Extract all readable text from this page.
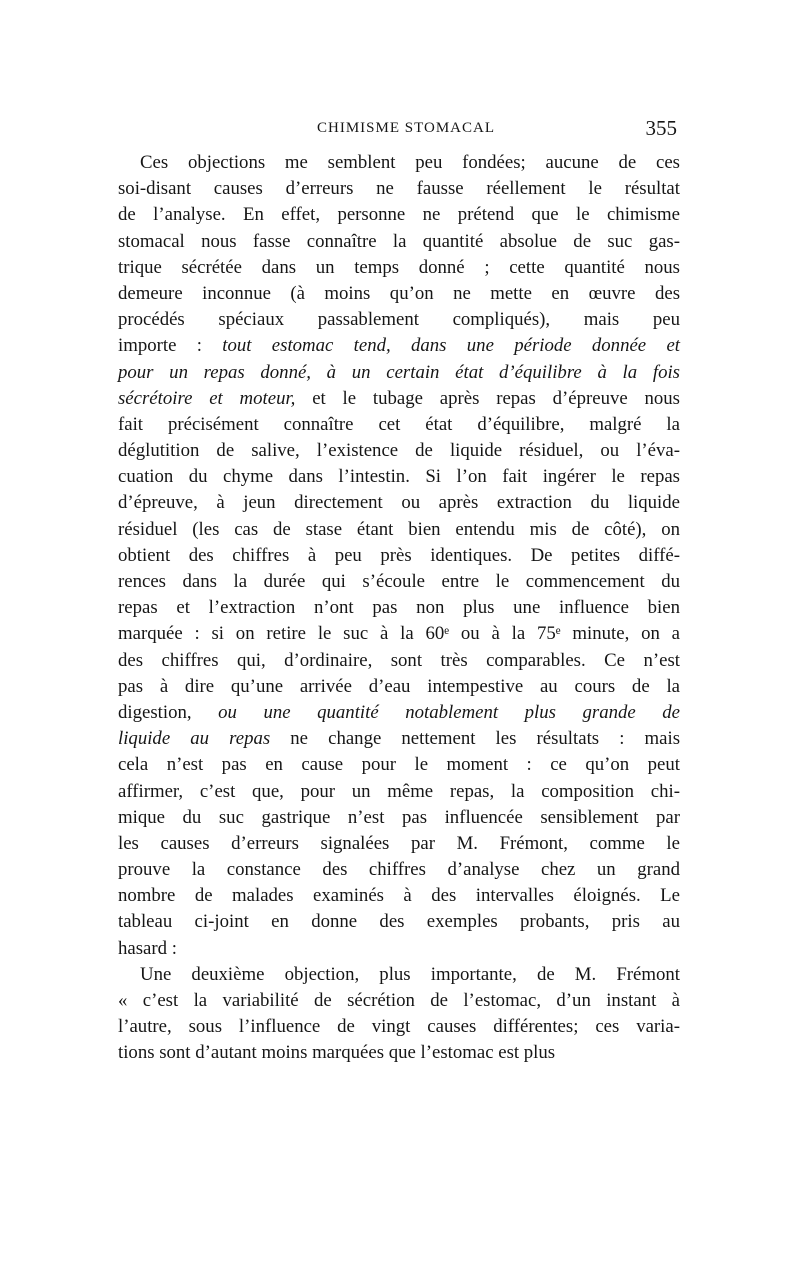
CHIMISME STOMACAL	355
Ces objections me semblent peu fondées; aucune de ces
soi-disant causes d’erreurs ne fausse réellement le résultat
de l’analyse. En effet, personne ne prétend que le chimisme
stomacal nous fasse connaître la quantité absolue de suc gas-
trique sécrétée dans un temps donné ; cette quantité nous
demeure inconnue (à moins qu’on ne mette en œuvre des
procédés spéciaux passablement compliqués), mais peu
importe : tout estomac tend, dans une période donnée et
pour un repas donné, à un certain état d’équilibre à la fois
sécrétoire et moteur, et le tubage après repas d’épreuve nous
fait précisément connaître cet état d’équilibre, malgré la
déglutition de salive, l’existence de liquide résiduel, ou l’éva-
cuation du chyme dans l’intestin. Si l’on fait ingérer le repas
d’épreuve, à jeun directement ou après extraction du liquide
résiduel (les cas de stase étant bien entendu mis de côté), on
obtient des chiffres à peu près identiques. De petites diffé-
rences dans la durée qui s’écoule entre le commencement du
repas et l’extraction n’ont pas non plus une influence bien
marquée : si on retire le suc à la 60ᵉ ou à la 75ᵉ minute, on a
des chiffres qui, d’ordinaire, sont très comparables. Ce n’est
pas à dire qu’une arrivée d’eau intempestive au cours de la
digestion, ou une quantité notablement plus grande de
liquide au repas ne change nettement les résultats : mais
cela n’est pas en cause pour le moment : ce qu’on peut
affirmer, c’est que, pour un même repas, la composition chi-
mique du suc gastrique n’est pas influencée sensiblement par
les causes d’erreurs signalées par M. Frémont, comme le
prouve la constance des chiffres d’analyse chez un grand
nombre de malades examinés à des intervalles éloignés. Le
tableau ci-joint en donne des exemples probants, pris au
hasard :
Une deuxième objection, plus importante, de M. Frémont
« c’est la variabilité de sécrétion de l’estomac, d’un instant à
l’autre, sous l’influence de vingt causes différentes; ces varia-
tions sont d’autant moins marquées que l’estomac est plus
